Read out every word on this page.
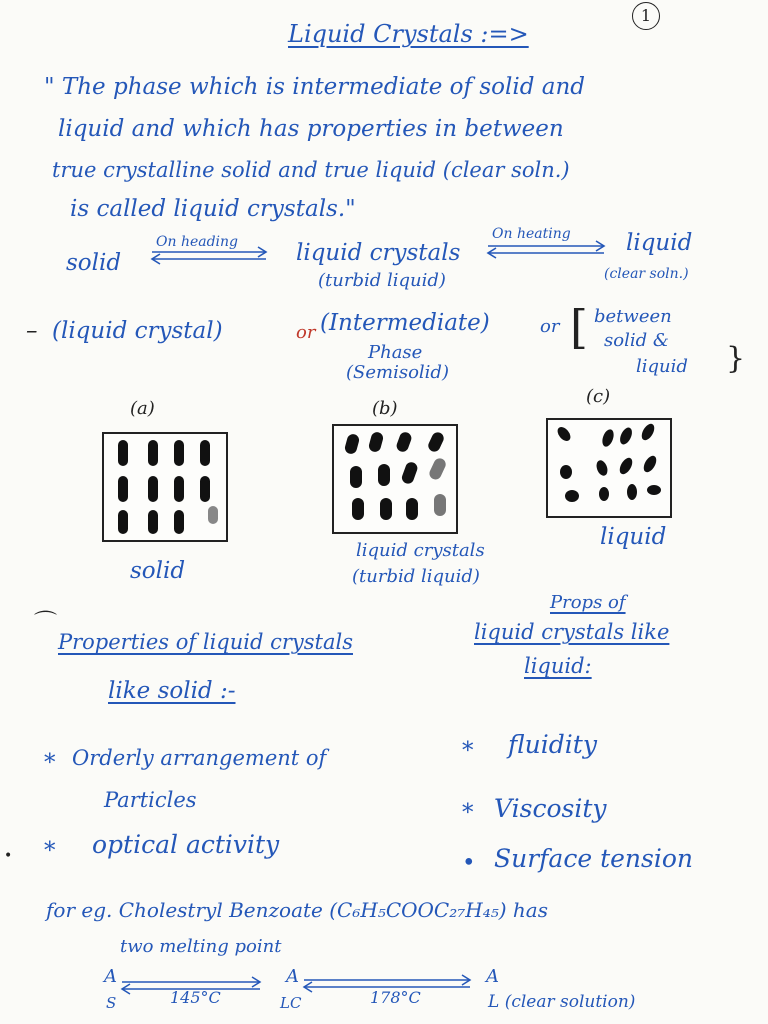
1
Liquid Crystals :=>
" The phase which is intermediate of solid and
liquid and which has properties in between
true crystalline solid and true liquid (clear soln.)
is called liquid crystals."
solid
On heading	liquid crystals
(turbid liquid)
On heating liquid
(clear soln.)
– (liquid crystal)	or (Intermediate)
Phase
(Semisolid)
or [ between
solid &
liquid }
(a)	(b)
(c)
solid
liquid crystals
(turbid liquid)
liquid
⌒
Properties of liquid crystals
like solid :-
* Orderly arrangement of
Particles
* optical activity
Props of
liquid crystals like
liquid:
* fluidity
* Viscosity
• Surface tension
•
for eg. Cholestryl Benzoate (C₆H₅COOC₂₇H₄₅) has
two melting point
A
S	145°C
A
LC	178°C
A
L (clear solution)
